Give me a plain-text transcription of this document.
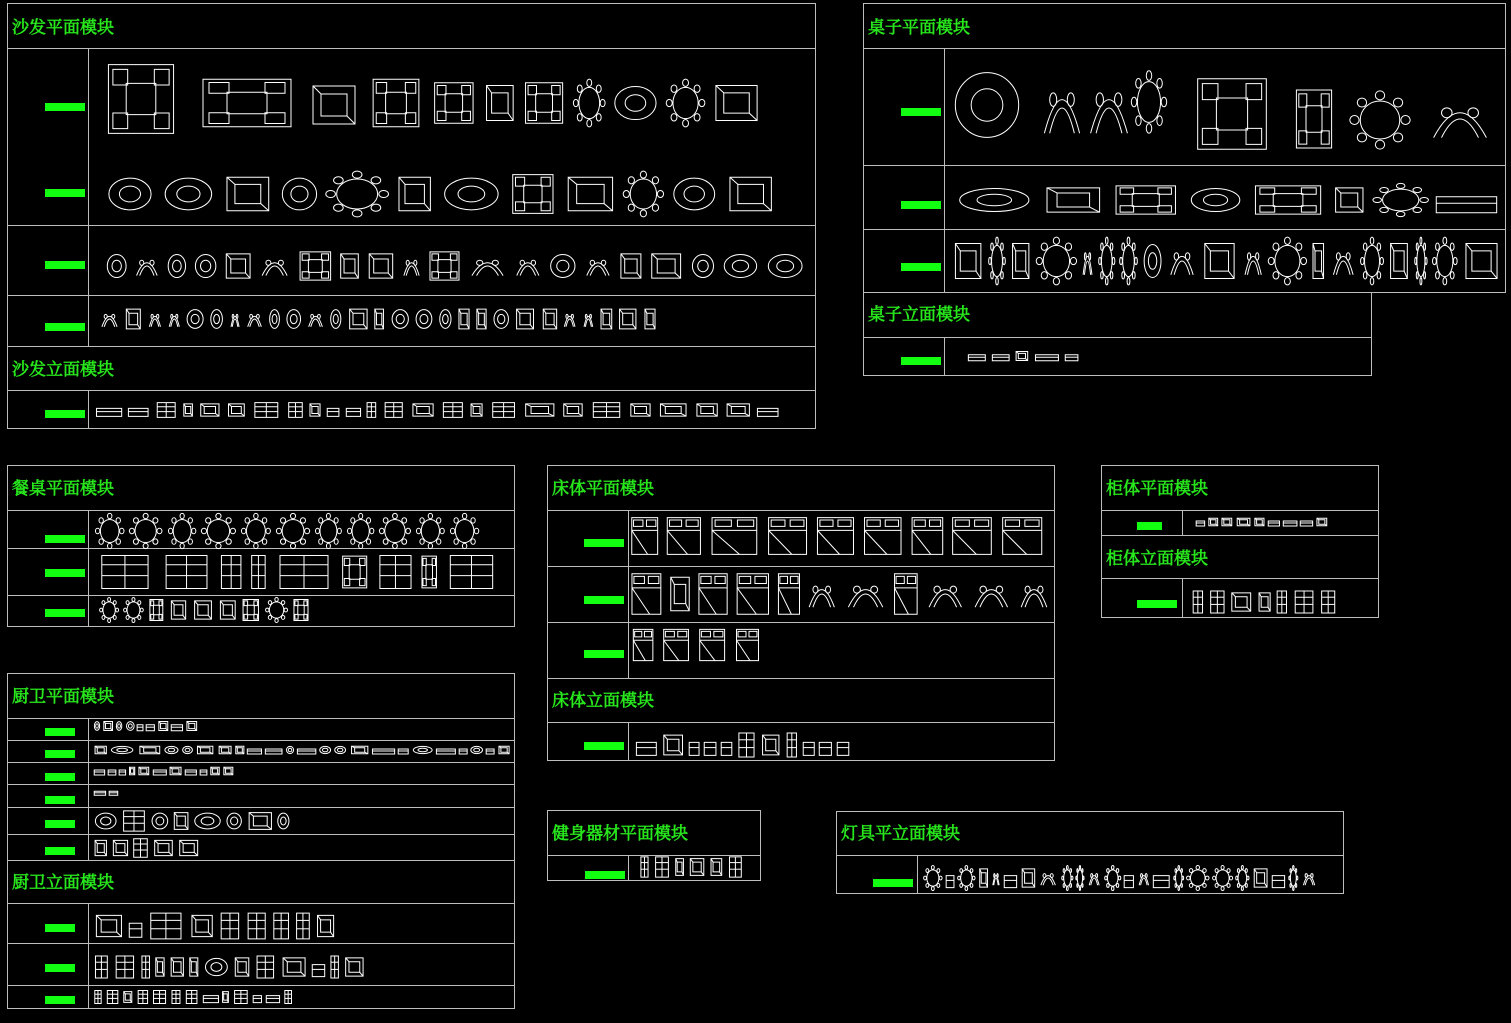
沙发平面模块
沙发立面模块
桌子平面模块
桌子立面模块
餐桌平面模块	床体平面模块
床体立面模块
柜体平面模块
柜体立面模块
厨卫平面模块
厨卫立面模块
健身器材平面模块	灯具平立面模块
